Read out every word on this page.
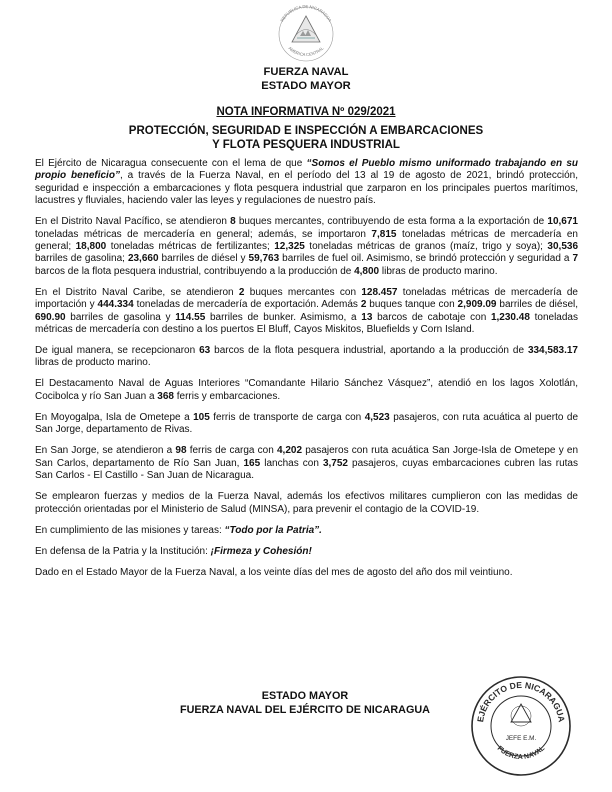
REPUBLICA DE NICARAGUA
AMERICA CENTRAL
FUERZA NAVAL
ESTADO MAYOR
NOTA INFORMATIVA Nº 029/2021
PROTECCIÓN, SEGURIDAD E INSPECCIÓN A EMBARCACIONES
Y FLOTA PESQUERA INDUSTRIAL

El Ejército de Nicaragua consecuente con el lema de que “Somos el Pueblo mismo uniformado trabajando en su propio beneficio”, a través de la Fuerza Naval, en el período del 13 al 19 de agosto de 2021, brindó protección, seguridad e inspección a embarcaciones y flota pesquera industrial que zarparon en los principales puertos marítimos, lacustres y fluviales, haciendo valer las leyes y regulaciones de nuestro país.

En el Distrito Naval Pacífico, se atendieron 8 buques mercantes, contribuyendo de esta forma a la exportación de 10,671 toneladas métricas de mercadería en general; además, se importaron 7,815 toneladas métricas de mercadería en general; 18,800 toneladas métricas de fertilizantes; 12,325 toneladas métricas de granos (maíz, trigo y soya); 30,536 barriles de gasolina; 23,660 barriles de diésel y 59,763 barriles de fuel oil. Asimismo, se brindó protección y seguridad a 7 barcos de la flota pesquera industrial, contribuyendo a la producción de 4,800 libras de producto marino.

En el Distrito Naval Caribe, se atendieron 2 buques mercantes con 128.457 toneladas métricas de mercadería de importación y 444.334 toneladas de mercadería de exportación. Además 2 buques tanque con 2,909.09 barriles de diésel, 690.90 barriles de gasolina y 114.55 barriles de bunker. Asimismo, a 13 barcos de cabotaje con 1,230.48 toneladas métricas de mercadería con destino a los puertos El Bluff, Cayos Miskitos, Bluefields y Corn Island.

De igual manera, se recepcionaron 63 barcos de la flota pesquera industrial, aportando a la producción de 334,583.17 libras de producto marino.

El Destacamento Naval de Aguas Interiores “Comandante Hilario Sánchez Vásquez”, atendió en los lagos Xolotlán, Cocibolca y río San Juan a 368 ferris y embarcaciones.

En Moyogalpa, Isla de Ometepe a 105 ferris de transporte de carga con 4,523 pasajeros, con ruta acuática al puerto de San Jorge, departamento de Rivas.

En San Jorge, se atendieron a 98 ferris de carga con 4,202 pasajeros con ruta acuática San Jorge-Isla de Ometepe y en San Carlos, departamento de Río San Juan, 165 lanchas con 3,752 pasajeros, cuyas embarcaciones cubren las rutas San Carlos - El Castillo - San Juan de Nicaragua.

Se emplearon fuerzas y medios de la Fuerza Naval, además los efectivos militares cumplieron con las medidas de protección orientadas por el Ministerio de Salud (MINSA), para prevenir el contagio de la COVID-19.

En cumplimiento de las misiones y tareas: “Todo por la Patria”.

En defensa de la Patria y la Institución: ¡Firmeza y Cohesión!

Dado en el Estado Mayor de la Fuerza Naval, a los veinte días del mes de agosto del año dos mil veintiuno.

ESTADO MAYOR
FUERZA NAVAL DEL EJÉRCITO DE NICARAGUA
EJÉRCITO DE NICARAGUA
FUERZA NAVAL
JEFE E.M.
